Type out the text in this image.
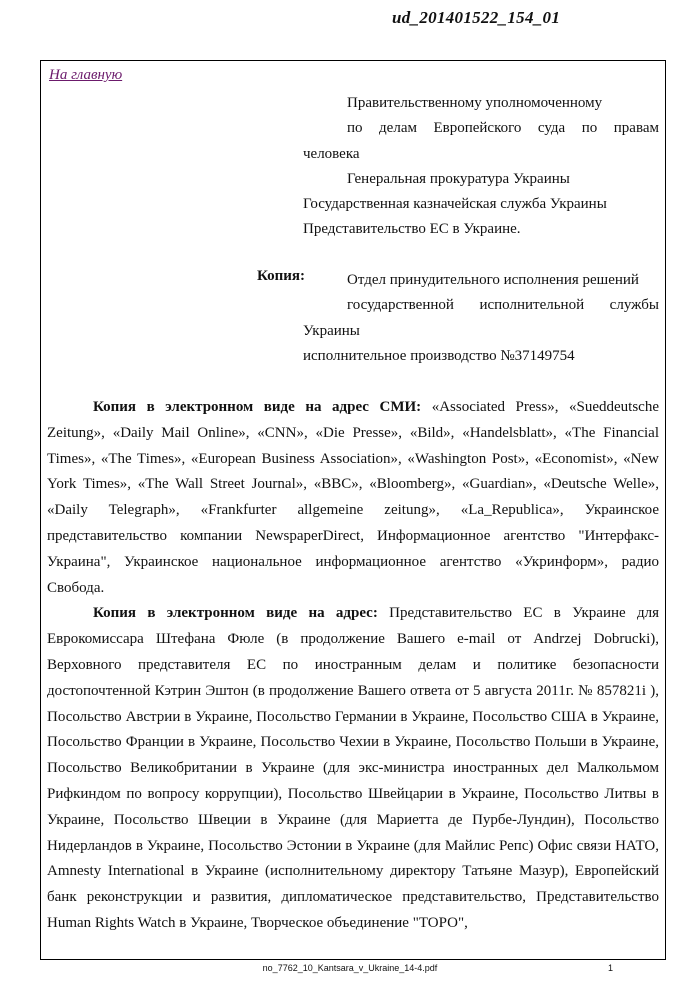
ud_201401522_154_01
На главную
Правительственному уполномоченному
по делам Европейского суда по правам
человека
Генеральная прокуратура Украины
Государственная казначейская служба Украины
Представительство ЕС в Украине.
Копия:	Отдел принудительного исполнения решений
государственной исполнительной службы
Украины
исполнительное производство №37149754

Копия в электронном виде на адрес СМИ: «Associated Press», «Sueddeutsche Zeitung», «Daily Mail Online», «CNN», «Die Presse», «Bild», «Handelsblatt», «The Financial Times», «The Times», «European Business Association», «Washington Post», «Economist», «New York Times», «The Wall Street Journal», «BBC», «Bloomberg», «Guardian», «Deutsche Welle», «Daily Telegraph», «Frankfurter allgemeine zeitung», «La_Republica», Украинское представительство компании NewspaperDirect, Информационное агентство "Интерфакс-Украина", Украинское национальное информационное агентство «Укринформ», радио Свобода.

Копия в электронном виде на адрес: Представительство ЕС в Украине для Еврокомиссара Штефана Фюле (в продолжение Вашего e-mail от Andrzej Dobrucki), Верховного представителя ЕС по иностранным делам и политике безопасности достопочтенной Кэтрин Эштон (в продолжение Вашего ответа от 5 августа 2011г. № 857821i ), Посольство Австрии в Украине, Посольство Германии в Украине, Посольство США в Украине, Посольство Франции в Украине, Посольство Чехии в Украине, Посольство Польши в Украине, Посольство Великобритании в Украине (для экс-министра иностранных дел Малкольмом Рифкиндом по вопросу коррупции), Посольство Швейцарии в Украине, Посольство Литвы в Украине, Посольство Швеции в Украине (для Мариетта де Пурбе-Лундин), Посольство Нидерландов в Украине, Посольство Эстонии в Украине (для Майлис Репс) Офис связи НАТО, Amnesty International в Украине (исполнительному директору Татьяне Мазур), Европейский банк реконструкции и развития, дипломатическое представительство, Представительство Human Rights Watch в Украине, Творческое объединение "ТОРО",

no_7762_10_Kantsara_v_Ukraine_14-4.pdf	1
